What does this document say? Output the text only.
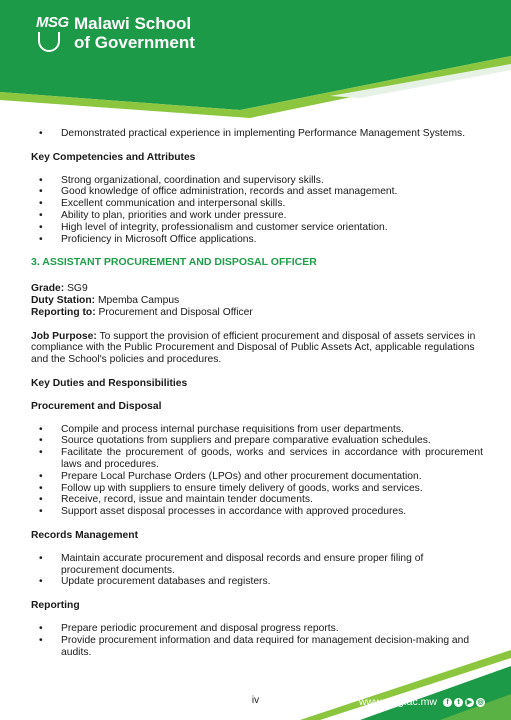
MSG Malawi School
of Government
• Demonstrated practical experience in implementing Performance Management Systems.

Key Competencies and Attributes

• Strong organizational, coordination and supervisory skills.
• Good knowledge of office administration, records and asset management.
• Excellent communication and interpersonal skills.
• Ability to plan, priorities and work under pressure.
• High level of integrity, professionalism and customer service orientation.
• Proficiency in Microsoft Office applications.

3. ASSISTANT PROCUREMENT AND DISPOSAL OFFICER

Grade: SG9

Duty Station: Mpemba Campus

Reporting to: Procurement and Disposal Officer

Job Purpose: To support the provision of efficient procurement and disposal of assets services in compliance with the Public Procurement and Disposal of Public Assets Act, applicable regulations and the School's policies and procedures.

Key Duties and Responsibilities

Procurement and Disposal

• Compile and process internal purchase requisitions from user departments.
• Source quotations from suppliers and prepare comparative evaluation schedules.
• Facilitate the procurement of goods, works and services in accordance with procurement laws and procedures.
• Prepare Local Purchase Orders (LPOs) and other procurement documentation.
• Follow up with suppliers to ensure timely delivery of goods, works and services.
• Receive, record, issue and maintain tender documents.
• Support asset disposal processes in accordance with approved procedures.

Records Management

• Maintain accurate procurement and disposal records and ensure proper filing of procurement documents.
• Update procurement databases and registers.

Reporting

• Prepare periodic procurement and disposal progress reports.
• Provide procurement information and data required for management decision-making and audits.
iv	www.msg.ac.mw	f	t	▶ ◎
